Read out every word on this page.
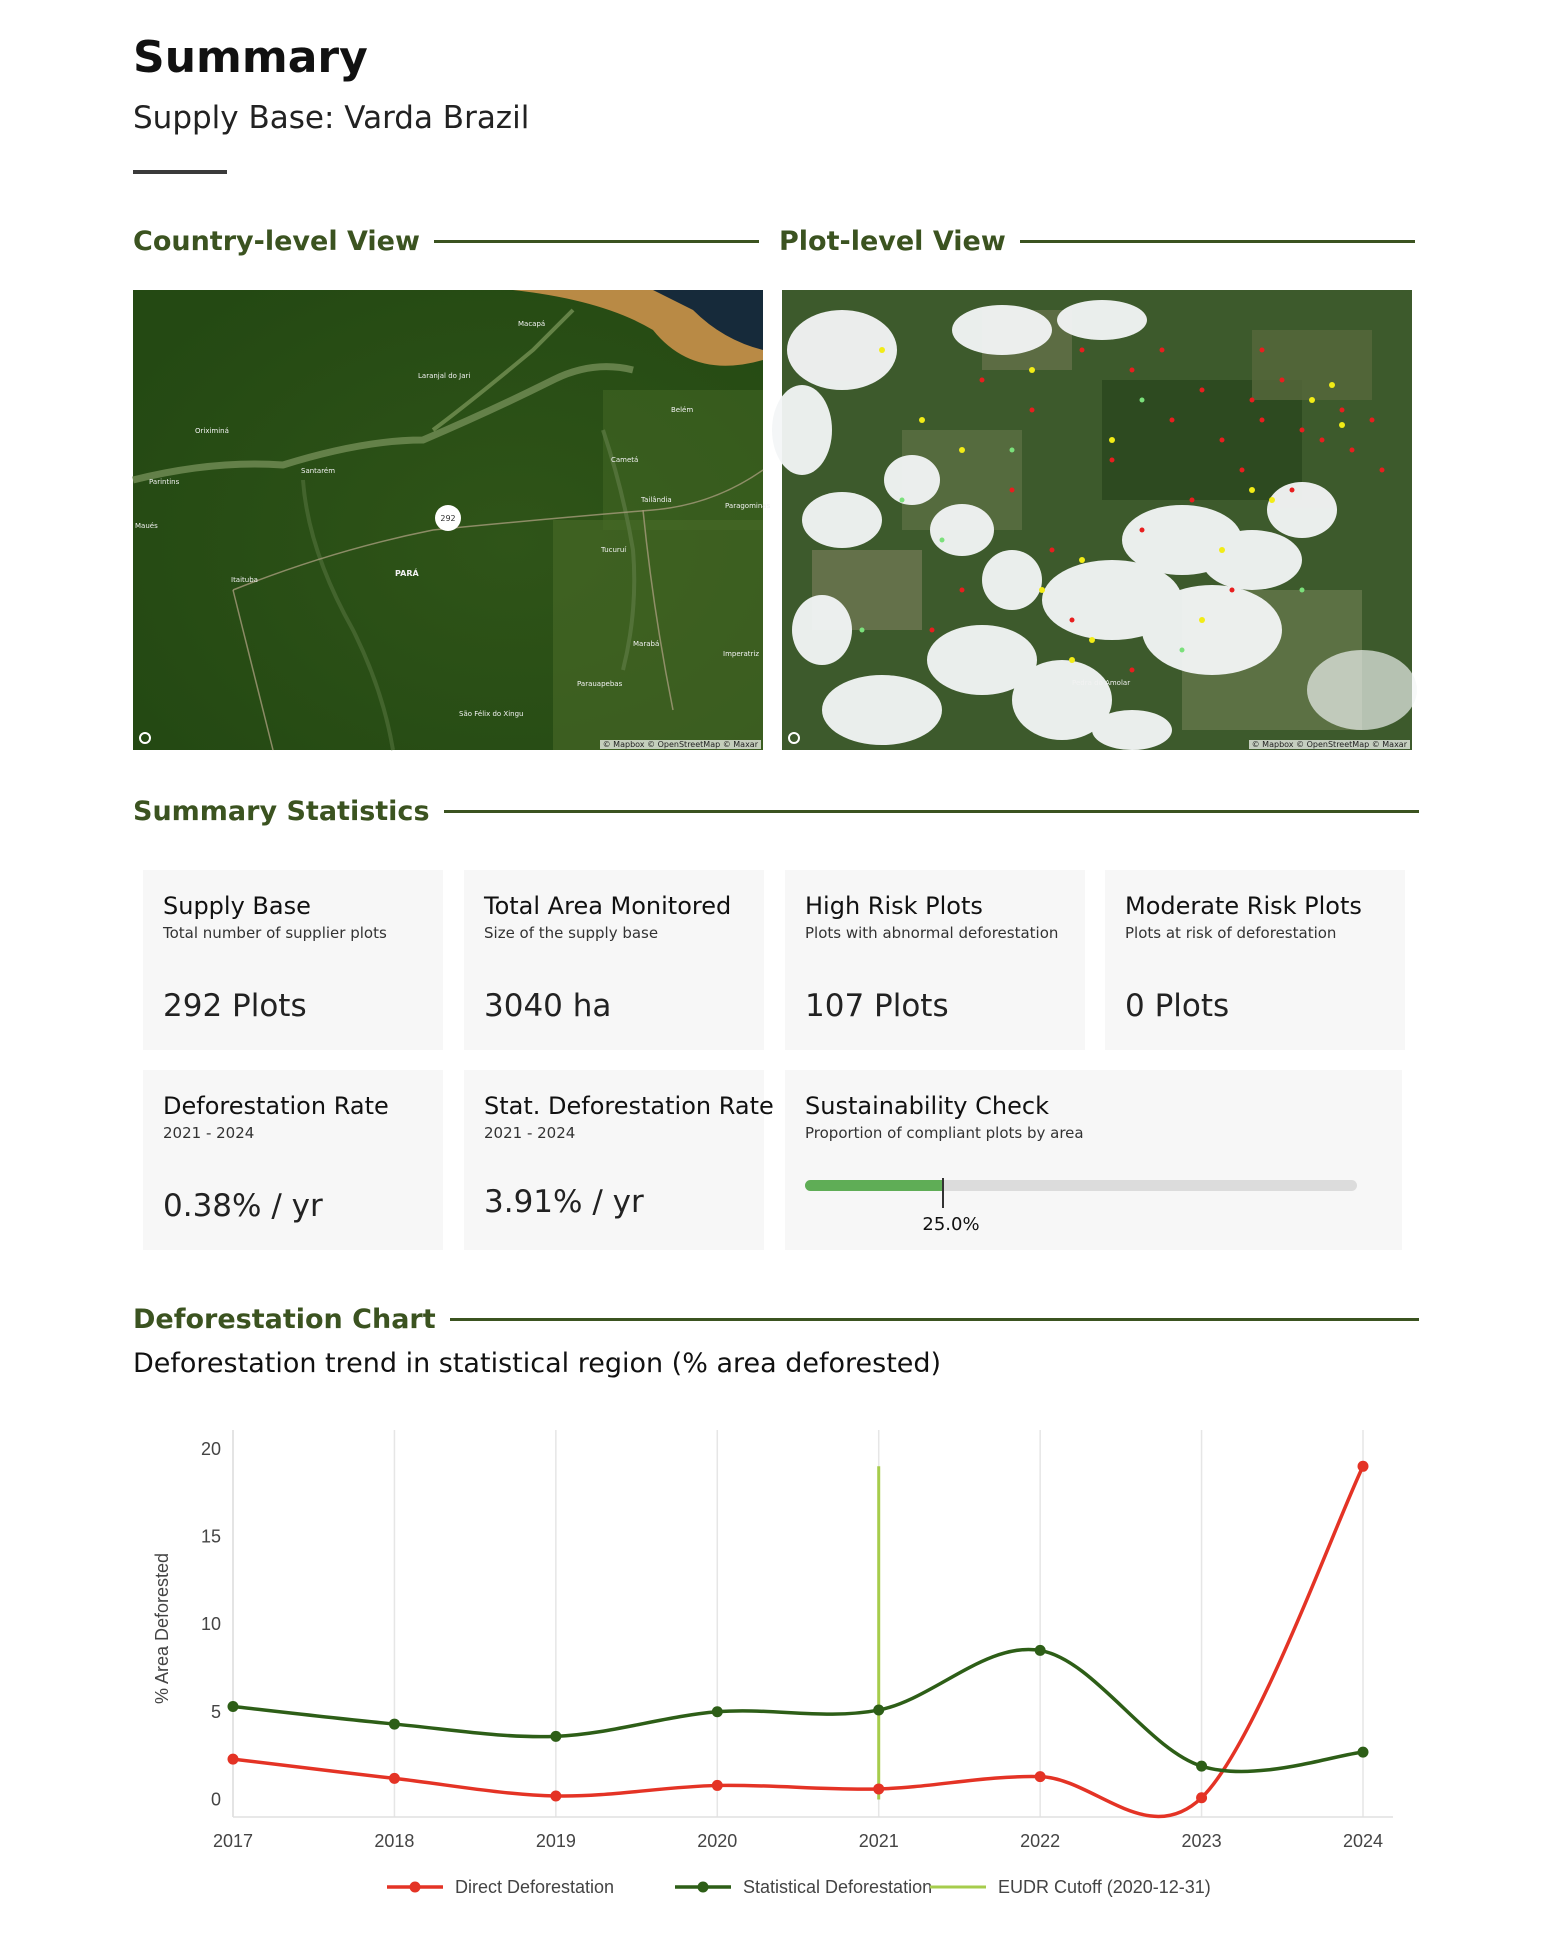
Summary
Supply Base: Varda Brazil
Country-level View	Plot-level View
292
Macapá
Laranjal do Jari
Belém
Oriximiná
Santarém
Parintins
Maués
Cametá
Tailândia
Paragominas
Itaituba
PARÁ
Tucuruí
Marabá
Imperatriz
Parauapebas
São Félix do Xingu
© Mapbox © OpenStreetMap © Maxar
Pedra do Amolar
© Mapbox © OpenStreetMap © Maxar
Summary Statistics
Supply Base
Total number of supplier plots
292 Plots
Total Area Monitored
Size of the supply base
3040 ha
High Risk Plots
Plots with abnormal deforestation
107 Plots
Moderate Risk Plots
Plots at risk of deforestation
0 Plots
Deforestation Rate
2021 - 2024
0.38% / yr
Stat. Deforestation Rate
2021 - 2024
3.91% / yr
Sustainability Check
Proportion of compliant plots by area
25.0%
Deforestation Chart
Deforestation trend in statistical region (% area deforested)
2017	2018	2019	2020	2021	2022	2023	2024
0
5
10
15
20
% Area Deforested
Direct Deforestation	Statistical Deforestation	EUDR Cutoff (2020-12-31)
